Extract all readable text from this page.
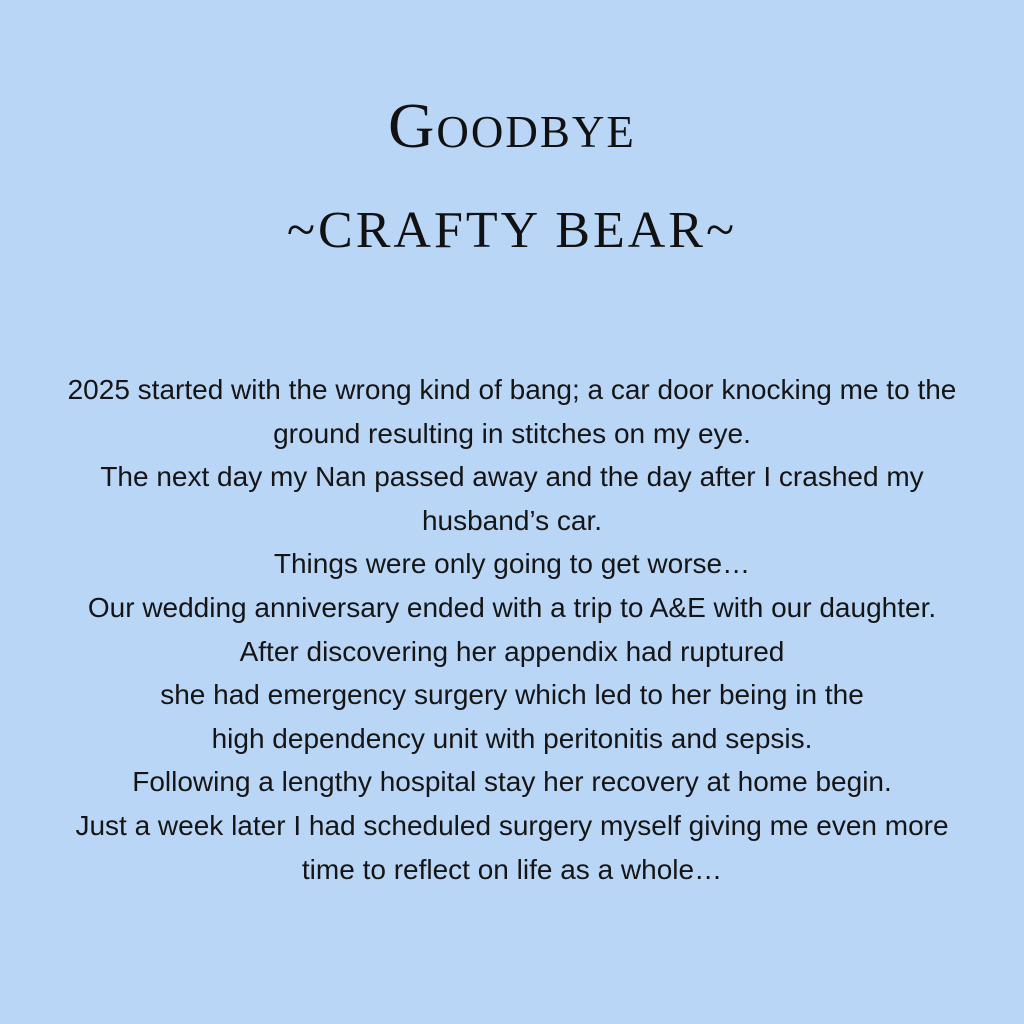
Goodbye
~CRAFTY BEAR~
2025 started with the wrong kind of bang; a car door knocking me to the
ground resulting in stitches on my eye.
The next day my Nan passed away and the day after I crashed my
husband’s car.
Things were only going to get worse…
Our wedding anniversary ended with a trip to A&E with our daughter.
After discovering her appendix had ruptured
she had emergency surgery which led to her being in the
high dependency unit with peritonitis and sepsis.
Following a lengthy hospital stay her recovery at home begin.
Just a week later I had scheduled surgery myself giving me even more
time to reflect on life as a whole…
